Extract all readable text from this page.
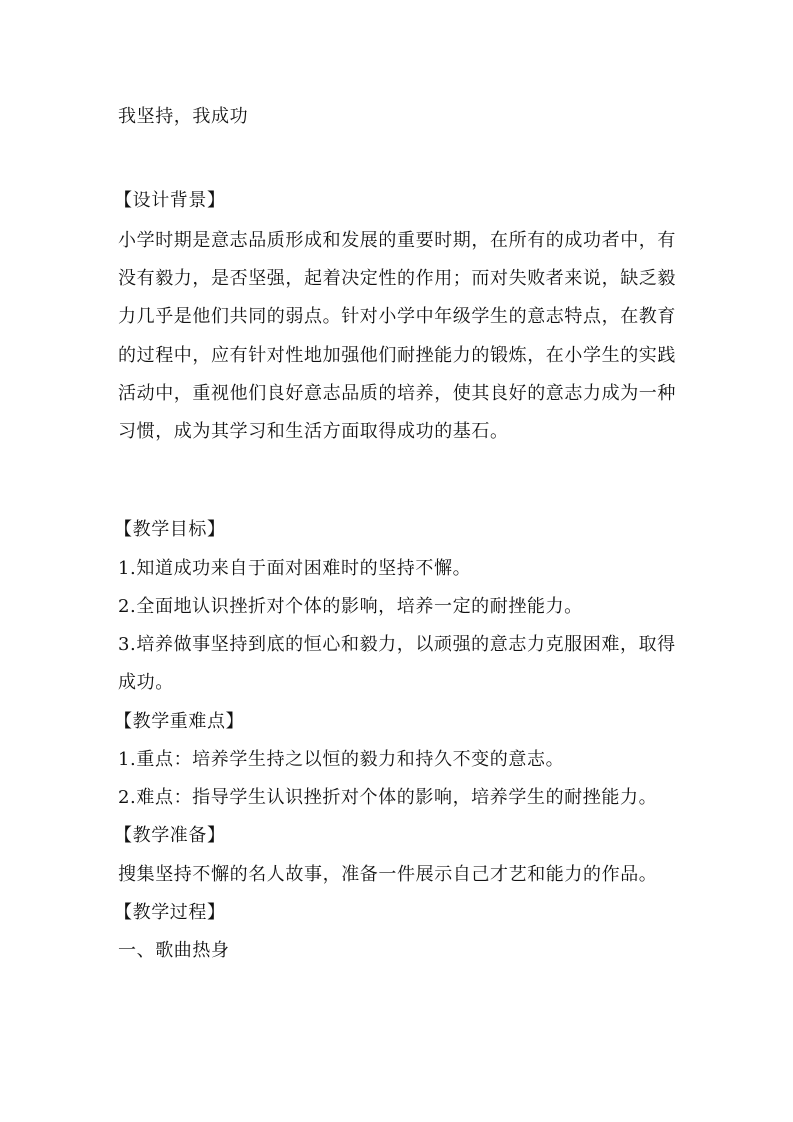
我坚持，我成功
【设计背景】
小学时期是意志品质形成和发展的重要时期，在所有的成功者中，有
没有毅力，是否坚强，起着决定性的作用；而对失败者来说，缺乏毅
力几乎是他们共同的弱点。针对小学中年级学生的意志特点，在教育
的过程中，应有针对性地加强他们耐挫能力的锻炼，在小学生的实践
活动中，重视他们良好意志品质的培养，使其良好的意志力成为一种
习惯，成为其学习和生活方面取得成功的基石。
【教学目标】
1.知道成功来自于面对困难时的坚持不懈。
2.全面地认识挫折对个体的影响，培养一定的耐挫能力。
3.培养做事坚持到底的恒心和毅力，以顽强的意志力克服困难，取得
成功。
【教学重难点】
1.重点：培养学生持之以恒的毅力和持久不变的意志。
2.难点：指导学生认识挫折对个体的影响，培养学生的耐挫能力。
【教学准备】
搜集坚持不懈的名人故事，准备一件展示自己才艺和能力的作品。
【教学过程】
一、歌曲热身
